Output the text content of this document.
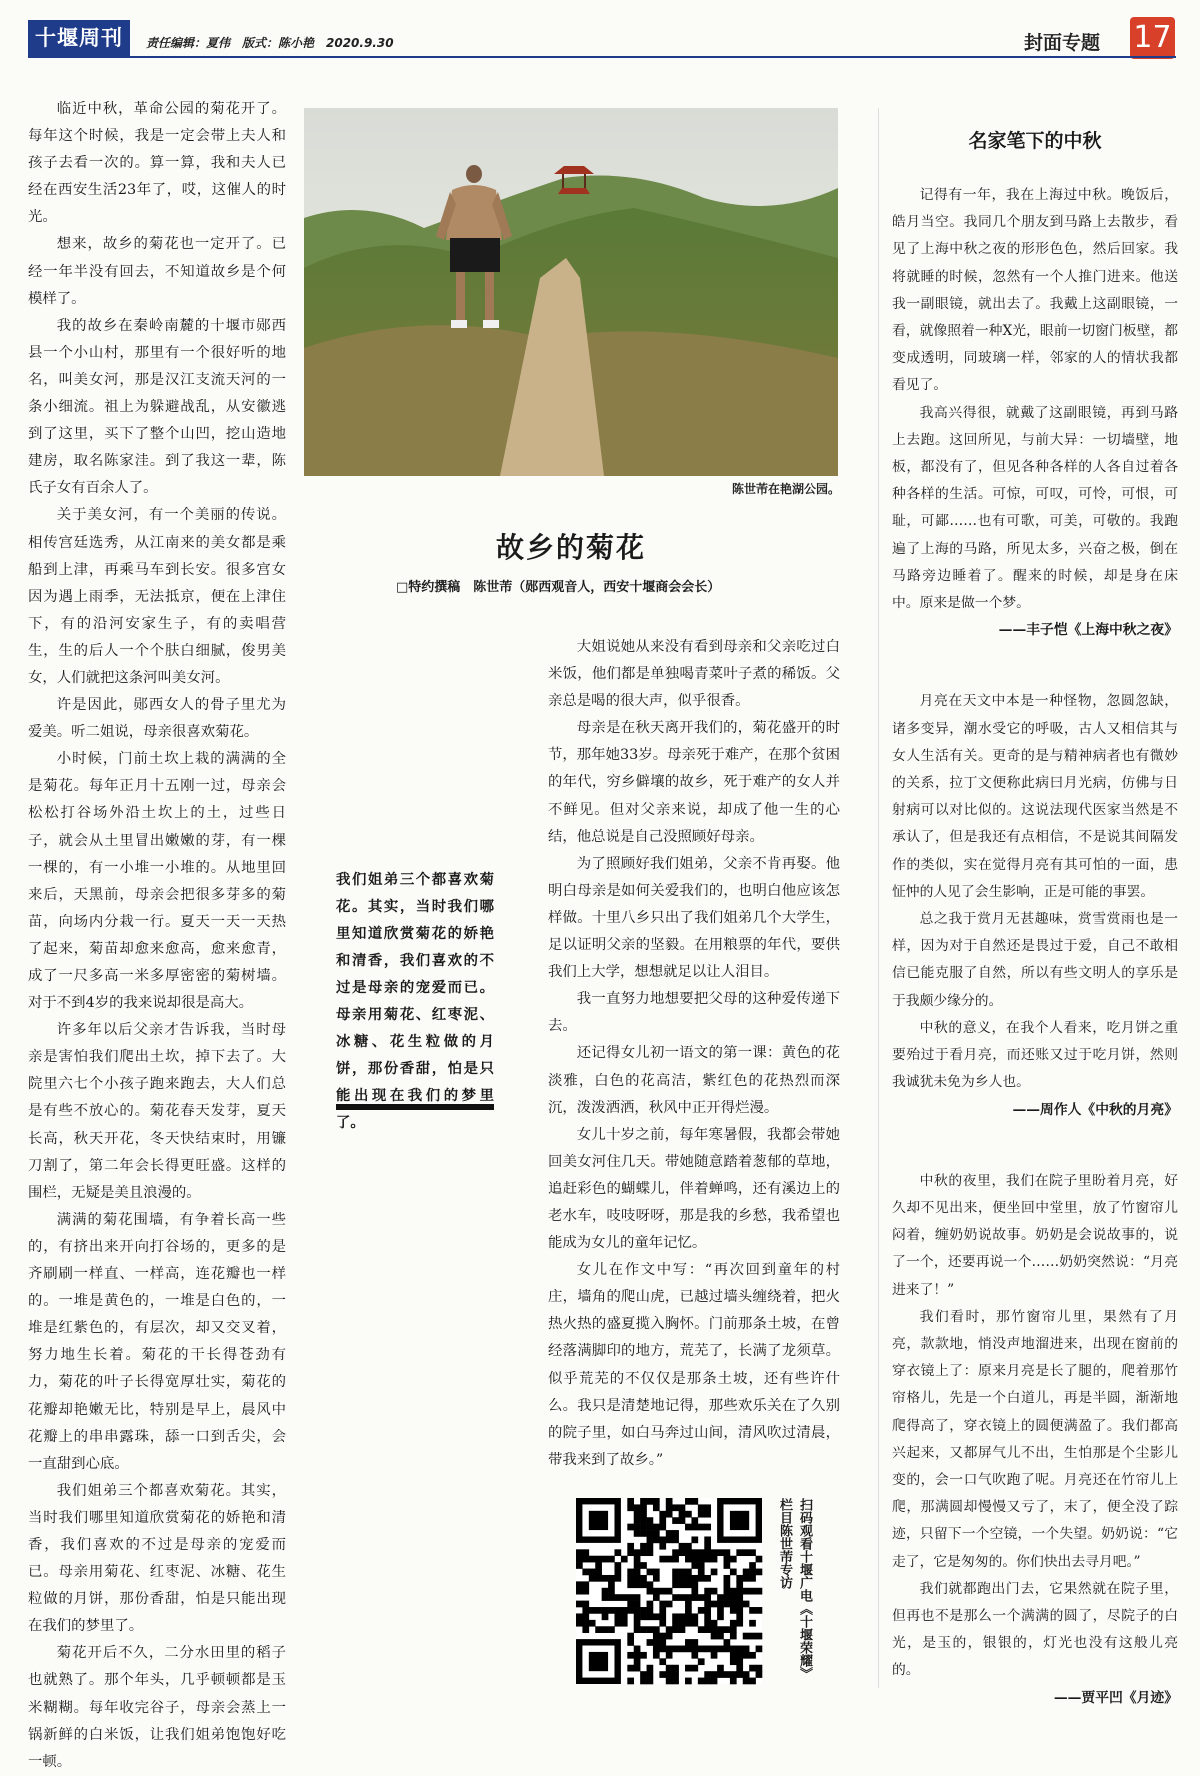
十堰周刊	责任编辑：夏伟　版式：陈小艳　2020.9.30	封面专题 17

临近中秋，革命公园的菊花开了。每年这个时候，我是一定会带上夫人和孩子去看一次的。算一算，我和夫人已经在西安生活23年了，哎，这催人的时光。

想来，故乡的菊花也一定开了。已经一年半没有回去，不知道故乡是个何模样了。

我的故乡在秦岭南麓的十堰市郧西县一个小山村，那里有一个很好听的地名，叫美女河，那是汉江支流天河的一条小细流。祖上为躲避战乱，从安徽逃到了这里，买下了整个山凹，挖山造地建房，取名陈家洼。到了我这一辈，陈氏子女有百余人了。

关于美女河，有一个美丽的传说。相传宫廷选秀，从江南来的美女都是乘船到上津，再乘马车到长安。很多宫女因为遇上雨季，无法抵京，便在上津住下，有的沿河安家生子，有的卖唱营生，生的后人一个个肤白细腻，俊男美女，人们就把这条河叫美女河。

许是因此，郧西女人的骨子里尤为爱美。听二姐说，母亲很喜欢菊花。

小时候，门前土坎上栽的满满的全是菊花。每年正月十五刚一过，母亲会松松打谷场外沿土坎上的土，过些日子，就会从土里冒出嫩嫩的芽，有一棵一棵的，有一小堆一小堆的。从地里回来后，天黑前，母亲会把很多芽多的菊苗，向场内分栽一行。夏天一天一天热了起来，菊苗却愈来愈高，愈来愈青，成了一尺多高一米多厚密密的菊树墙。对于不到4岁的我来说却很是高大。

许多年以后父亲才告诉我，当时母亲是害怕我们爬出土坎，掉下去了。大院里六七个小孩子跑来跑去，大人们总是有些不放心的。菊花春天发芽，夏天长高，秋天开花，冬天快结束时，用镰刀割了，第二年会长得更旺盛。这样的围栏，无疑是美且浪漫的。

满满的菊花围墙，有争着长高一些的，有挤出来开向打谷场的，更多的是齐刷刷一样直、一样高，连花瓣也一样的。一堆是黄色的，一堆是白色的，一堆是红紫色的，有层次，却又交叉着，努力地生长着。菊花的干长得苍劲有力，菊花的叶子长得宽厚壮实，菊花的花瓣却艳嫩无比，特别是早上，晨风中花瓣上的串串露珠，舔一口到舌尖，会一直甜到心底。

我们姐弟三个都喜欢菊花。其实，当时我们哪里知道欣赏菊花的娇艳和清香，我们喜欢的不过是母亲的宠爱而已。母亲用菊花、红枣泥、冰糖、花生粒做的月饼，那份香甜，怕是只能出现在我们的梦里了。

菊花开后不久，二分水田里的稻子也就熟了。那个年头，几乎顿顿都是玉米糊糊。每年收完谷子，母亲会蒸上一锅新鲜的白米饭，让我们姐弟饱饱好吃一顿。

陈世芾在艳湖公园。
故乡的菊花
□特约撰稿　陈世芾（郧西观音人，西安十堰商会会长）
我们姐弟三个都喜欢菊花。其实，当时我们哪里知道欣赏菊花的娇艳和清香，我们喜欢的不过是母亲的宠爱而已。母亲用菊花、红枣泥、冰糖、花生粒做的月饼，那份香甜，怕是只能出现在我们的梦里了。

大姐说她从来没有看到母亲和父亲吃过白米饭，他们都是单独喝青菜叶子煮的稀饭。父亲总是喝的很大声，似乎很香。

母亲是在秋天离开我们的，菊花盛开的时节，那年她33岁。母亲死于难产，在那个贫困的年代，穷乡僻壤的故乡，死于难产的女人并不鲜见。但对父亲来说，却成了他一生的心结，他总说是自己没照顾好母亲。

为了照顾好我们姐弟，父亲不肯再娶。他明白母亲是如何关爱我们的，也明白他应该怎样做。十里八乡只出了我们姐弟几个大学生，足以证明父亲的坚毅。在用粮票的年代，要供我们上大学，想想就足以让人泪目。

我一直努力地想要把父母的这种爱传递下去。

还记得女儿初一语文的第一课：黄色的花淡雅，白色的花高洁，紫红色的花热烈而深沉，泼泼洒洒，秋风中正开得烂漫。

女儿十岁之前，每年寒暑假，我都会带她回美女河住几天。带她随意踏着葱郁的草地，追赶彩色的蝴蝶儿，伴着蝉鸣，还有溪边上的老水车，吱吱呀呀，那是我的乡愁，我希望也能成为女儿的童年记忆。

女儿在作文中写：“再次回到童年的村庄，墙角的爬山虎，已越过墙头缠绕着，把火热火热的盛夏揽入胸怀。门前那条土坡，在曾经落满脚印的地方，荒芜了，长满了龙须草。似乎荒芜的不仅仅是那条土坡，还有些许什么。我只是清楚地记得，那些欢乐关在了久别的院子里，如白马奔过山间，清风吹过清晨，带我来到了故乡。”

名家笔下的中秋

记得有一年，我在上海过中秋。晚饭后，皓月当空。我同几个朋友到马路上去散步，看见了上海中秋之夜的形形色色，然后回家。我将就睡的时候，忽然有一个人推门进来。他送我一副眼镜，就出去了。我戴上这副眼镜，一看，就像照着一种X光，眼前一切窗门板壁，都变成透明，同玻璃一样，邻家的人的情状我都看见了。

我高兴得很，就戴了这副眼镜，再到马路上去跑。这回所见，与前大异：一切墙壁，地板，都没有了，但见各种各样的人各自过着各种各样的生活。可惊，可叹，可怜，可恨，可耻，可鄙……也有可歌，可美，可敬的。我跑遍了上海的马路，所见太多，兴奋之极，倒在马路旁边睡着了。醒来的时候，却是身在床中。原来是做一个梦。

——丰子恺《上海中秋之夜》

月亮在天文中本是一种怪物，忽圆忽缺，诸多变异，潮水受它的呼吸，古人又相信其与女人生活有关。更奇的是与精神病者也有微妙的关系，拉丁文便称此病曰月光病，仿佛与日射病可以对比似的。这说法现代医家当然是不承认了，但是我还有点相信，不是说其间隔发作的类似，实在觉得月亮有其可怕的一面，患怔忡的人见了会生影响，正是可能的事罢。

总之我于赏月无甚趣味，赏雪赏雨也是一样，因为对于自然还是畏过于爱，自己不敢相信已能克服了自然，所以有些文明人的享乐是于我颇少缘分的。

中秋的意义，在我个人看来，吃月饼之重要殆过于看月亮，而还账又过于吃月饼，然则我诚犹未免为乡人也。

——周作人《中秋的月亮》

中秋的夜里，我们在院子里盼着月亮，好久却不见出来，便坐回中堂里，放了竹窗帘儿闷着，缠奶奶说故事。奶奶是会说故事的，说了一个，还要再说一个……奶奶突然说：“月亮进来了！”

我们看时，那竹窗帘儿里，果然有了月亮，款款地，悄没声地溜进来，出现在窗前的穿衣镜上了：原来月亮是长了腿的，爬着那竹帘格儿，先是一个白道儿，再是半圆，渐渐地爬得高了，穿衣镜上的圆便满盈了。我们都高兴起来，又都屏气儿不出，生怕那是个尘影儿变的，会一口气吹跑了呢。月亮还在竹帘儿上爬，那满圆却慢慢又亏了，末了，便全没了踪迹，只留下一个空镜，一个失望。奶奶说：“它走了，它是匆匆的。你们快出去寻月吧。”

我们就都跑出门去，它果然就在院子里，但再也不是那么一个满满的圆了，尽院子的白光，是玉的，银银的，灯光也没有这般儿亮的。

——贾平凹《月迹》

扫码观看十堰广电《十堰荣耀》栏目陈世芾专访
